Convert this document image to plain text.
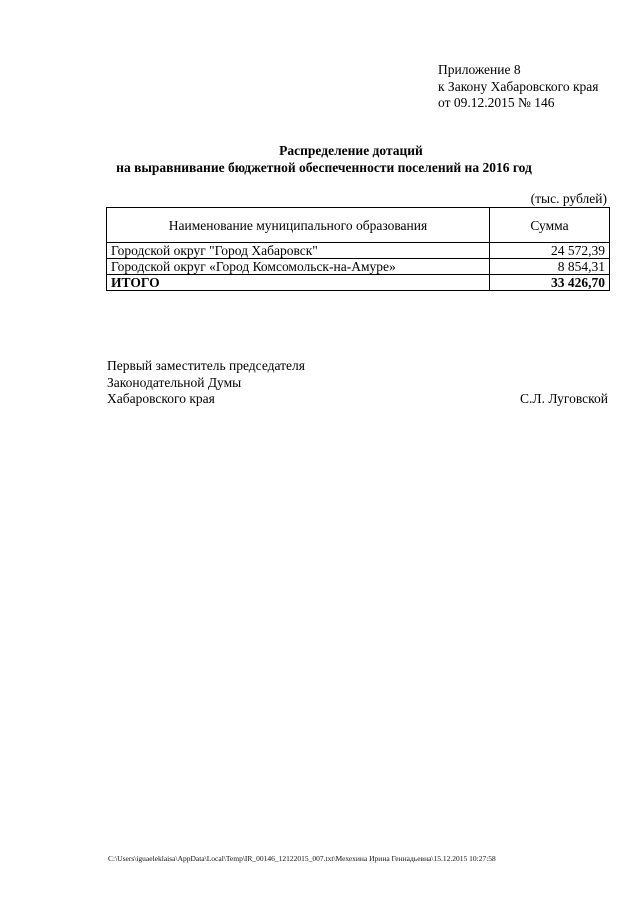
Приложение 8
к Закону Хабаровского края
от 09.12.2015 № 146
Распределение дотаций
на выравнивание бюджетной обеспеченности поселений на 2016 год
(тыс. рублей)
Наименование муниципального образования	Сумма
Городской округ "Город Хабаровск"	24 572,39
Городской округ «Город Комсомольск-на-Амуре»	8 854,31
ИТОГО	33 426,70
Первый заместитель председателя
Законодательной Думы
Хабаровского края	С.Л. Луговской
C:\Users\iguaeleklaisa\AppData\Local\Temp\IR_00146_12122015_007.txt\Мехехина Ирина Геннадьевна\15.12.2015 10:27:58
